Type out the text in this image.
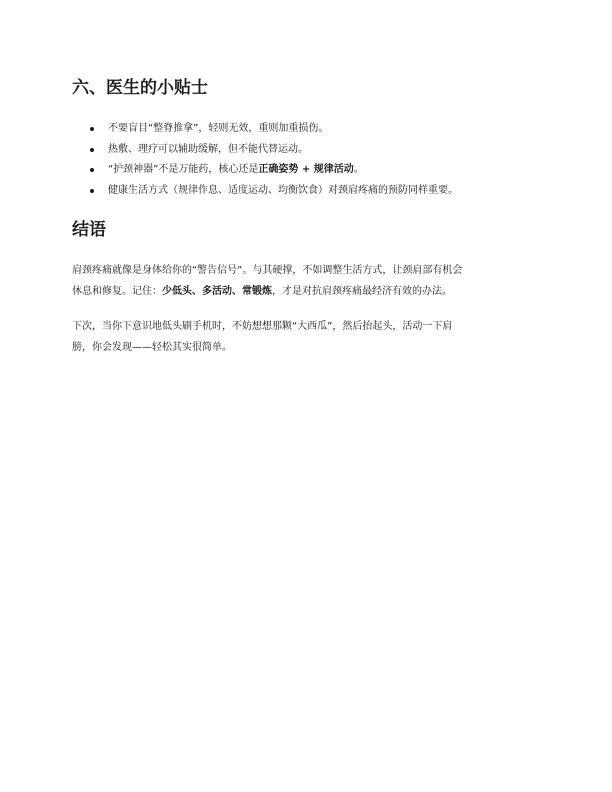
六、医生的小贴士
不要盲目“整脊推拿”，轻则无效，重则加重损伤。
热敷、理疗可以辅助缓解，但不能代替运动。
“护颈神器”不是万能药，核心还是正确姿势 + 规律活动。
健康生活方式（规律作息、适度运动、均衡饮食）对颈肩疼痛的预防同样重要。
结语

肩颈疼痛就像是身体给你的“警告信号”。与其硬撑，不如调整生活方式，让颈肩部有机会
休息和修复。记住：少低头、多活动、常锻炼，才是对抗肩颈疼痛最经济有效的办法。

下次，当你下意识地低头刷手机时，不妨想想那颗“大西瓜”，然后抬起头，活动一下肩
膀，你会发现——轻松其实很简单。
